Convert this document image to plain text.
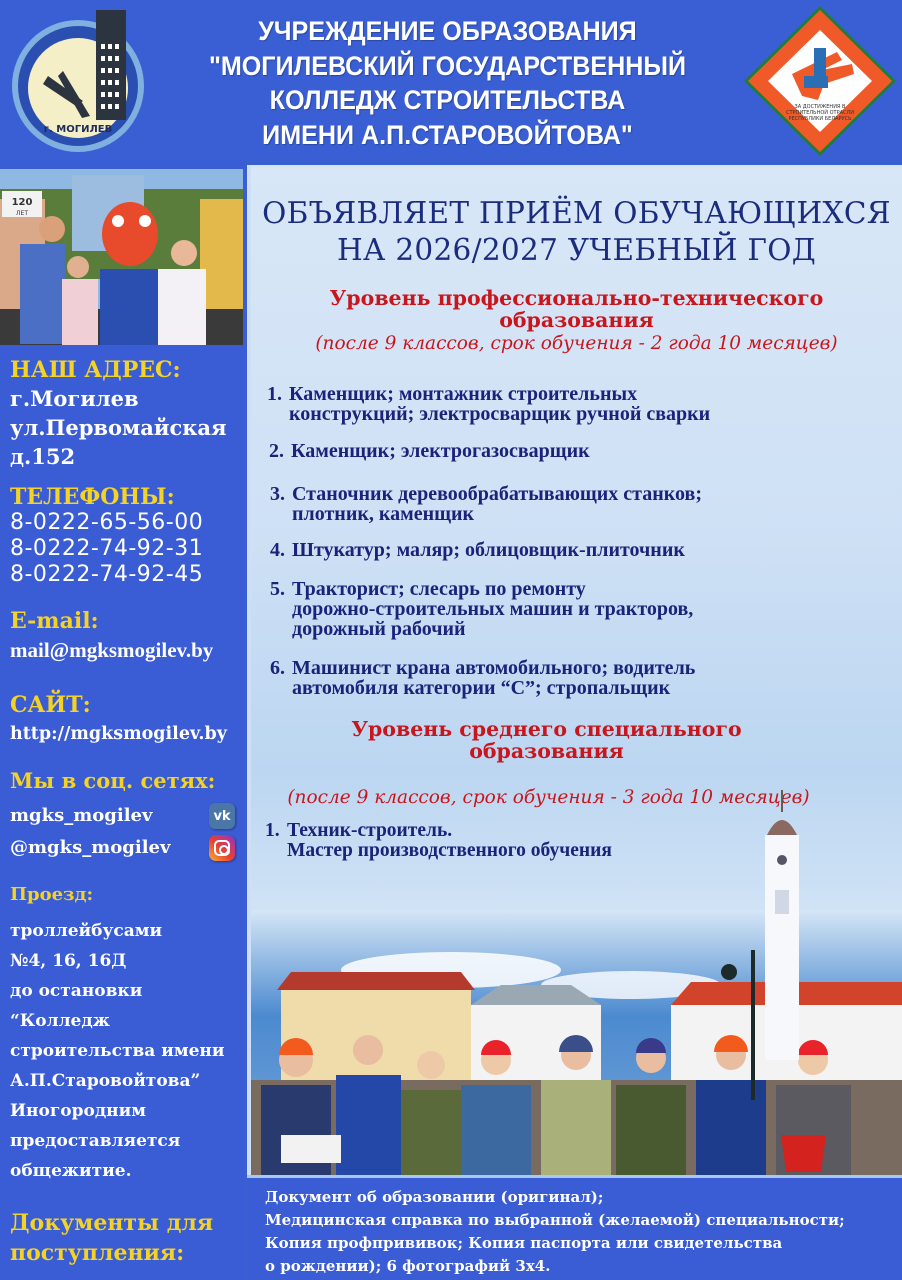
г. МОГИЛЕВ
УЧРЕЖДЕНИЕ ОБРАЗОВАНИЯ
"МОГИЛЕВСКИЙ ГОСУДАРСТВЕННЫЙ
КОЛЛЕДЖ СТРОИТЕЛЬСТВА
ИМЕНИ А.П.СТАРОВОЙТОВА"
ЗА ДОСТИЖЕНИЯ В
СТРОИТЕЛЬНОЙ ОТРАСЛИ
РЕСПУБЛИКИ БЕЛАРУСЬ
120
ЛЕТ
НАШ АДРЕС:
г.Могилев
ул.Первомайская
д.152
ТЕЛЕФОНЫ:
8-0222-65-56-00
8-0222-74-92-31
8-0222-74-92-45
E-mail:
mail@mgksmogilev.by
САЙТ:
http://mgksmogilev.by
Мы в соц. сетях:
mgks_mogilev	vk
@mgks_mogilev
Проезд:
троллейбусами
№4, 16, 16Д
до остановки
“Колледж
строительства имени
А.П.Старовойтова”
Иногородним
предоставляется
общежитие.
Документы для
поступления:
ОБЪЯВЛЯЕТ ПРИЁМ ОБУЧАЮЩИХСЯ
НА 2026/2027 УЧЕБНЫЙ ГОД
Уровень профессионально-технического
образования
(после 9 классов, срок обучения - 2 года 10 месяцев)
1. Каменщик; монтажник строительных
конструкций; электросварщик ручной сварки
2. Каменщик; электрогазосварщик
3. Станочник деревообрабатывающих станков;
плотник, каменщик
4. Штукатур; маляр; облицовщик-плиточник
5. Тракторист; слесарь по ремонту
дорожно-строительных машин и тракторов,
дорожный рабочий
6. Машинист крана автомобильного; водитель
автомобиля категории “С”; стропальщик
Уровень среднего специального
образования
(после 9 классов, срок обучения - 3 года 10 месяцев)
1. Техник-строитель.
Мастер производственного обучения
Документ об образовании (оригинал);
Медицинская справка по выбранной (желаемой) специальности;
Копия профпрививок; Копия паспорта или свидетельства
о рождении); 6 фотографий 3х4.
